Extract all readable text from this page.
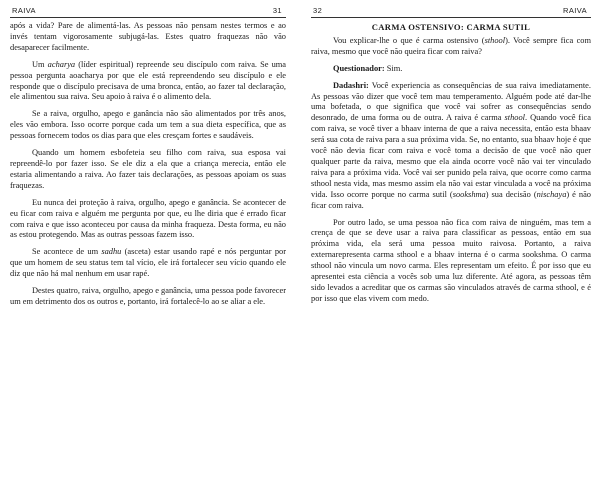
RAIVA	31

após a vida? Pare de alimentá-las. As pessoas não pensam nestes termos e ao invés tentam vigorosamente subjugá-las. Estes quatro fraquezas não vão desaparecer facilmente.

Um acharya (líder espiritual) repreende seu discípulo com raiva. Se uma pessoa pergunta aoacharya por que ele está repreendendo seu discípulo e ele responde que o discípulo precisava de uma bronca, então, ao fazer tal declaração, ele alimentou sua raiva. Seu apoio à raiva é o alimento dela.

Se a raiva, orgulho, apego e ganância não são alimentados por três anos, eles vão embora. Isso ocorre porque cada um tem a sua dieta específica, que as pessoas fornecem todos os dias para que eles cresçam fortes e saudáveis.

Quando um homem esbofeteia seu filho com raiva, sua esposa vai repreendê-lo por fazer isso. Se ele diz a ela que a criança merecia, então ele estaria alimentando a raiva. Ao fazer tais declarações, as pessoas apoiam os suas fraquezas.

Eu nunca dei proteção à raiva, orgulho, apego e ganância. Se acontecer de eu ficar com raiva e alguém me pergunta por que, eu lhe diria que é errado ficar com raiva e que isso aconteceu por causa da minha fraqueza. Desta forma, eu não as estou protegendo. Mas as outras pessoas fazem isso.

Se acontece de um sadhu (asceta) estar usando rapé e nós perguntar por que um homem de seu status tem tal vício, ele irá fortalecer seu vício quando ele diz que não há mal nenhum em usar rapé.

Destes quatro, raiva, orgulho, apego e ganância, uma pessoa pode favorecer um em detrimento dos os outros e, portanto, irá fortalecê-lo ao se aliar a ele.

32	RAIVA
CARMA OSTENSIVO: CARMA SUTIL

Vou explicar-lhe o que é carma ostensivo (sthool). Você sempre fica com raiva, mesmo que você não queira ficar com raiva?

Questionador: Sim.

Dadashri: Você experiencia as consequências de sua raiva imediatamente. As pessoas vão dizer que você tem mau temperamento. Alguém pode até dar-lhe uma bofetada, o que significa que você vai sofrer as consequências sendo desonrado, de uma forma ou de outra. A raiva é carma sthool. Quando você fica com raiva, se você tiver a bhaav interna de que a raiva necessita, então esta bhaav será sua cota de raiva para a sua próxima vida. Se, no entanto, sua bhaav hoje é que você não devia ficar com raiva e você toma a decisão de que você não quer qualquer parte da raiva, mesmo que ela ainda ocorre você não vai ter vinculado raiva para a próxima vida. Você vai ser punido pela raiva, que ocorre como carma sthool nesta vida, mas mesmo assim ela não vai estar vinculada a você na próxima vida. Isso ocorre porque no carma sutil (sookshma) sua decisão (nischaya) é não ficar com raiva.

Por outro lado, se uma pessoa não fica com raiva de ninguém, mas tem a crença de que se deve usar a raiva para classificar as pessoas, então em sua próxima vida, ela será uma pessoa muito raivosa. Portanto, a raiva externarepresenta carma sthool e a bhaav interna é o carma sookshma. O carma sthool não vincula um novo carma. Eles representam um efeito. É por isso que eu apresentei esta ciência a vocês sob uma luz diferente. Até agora, as pessoas têm sido levados a acreditar que os carmas são vinculados através de carma sthool, e é por isso que elas vivem com medo.
